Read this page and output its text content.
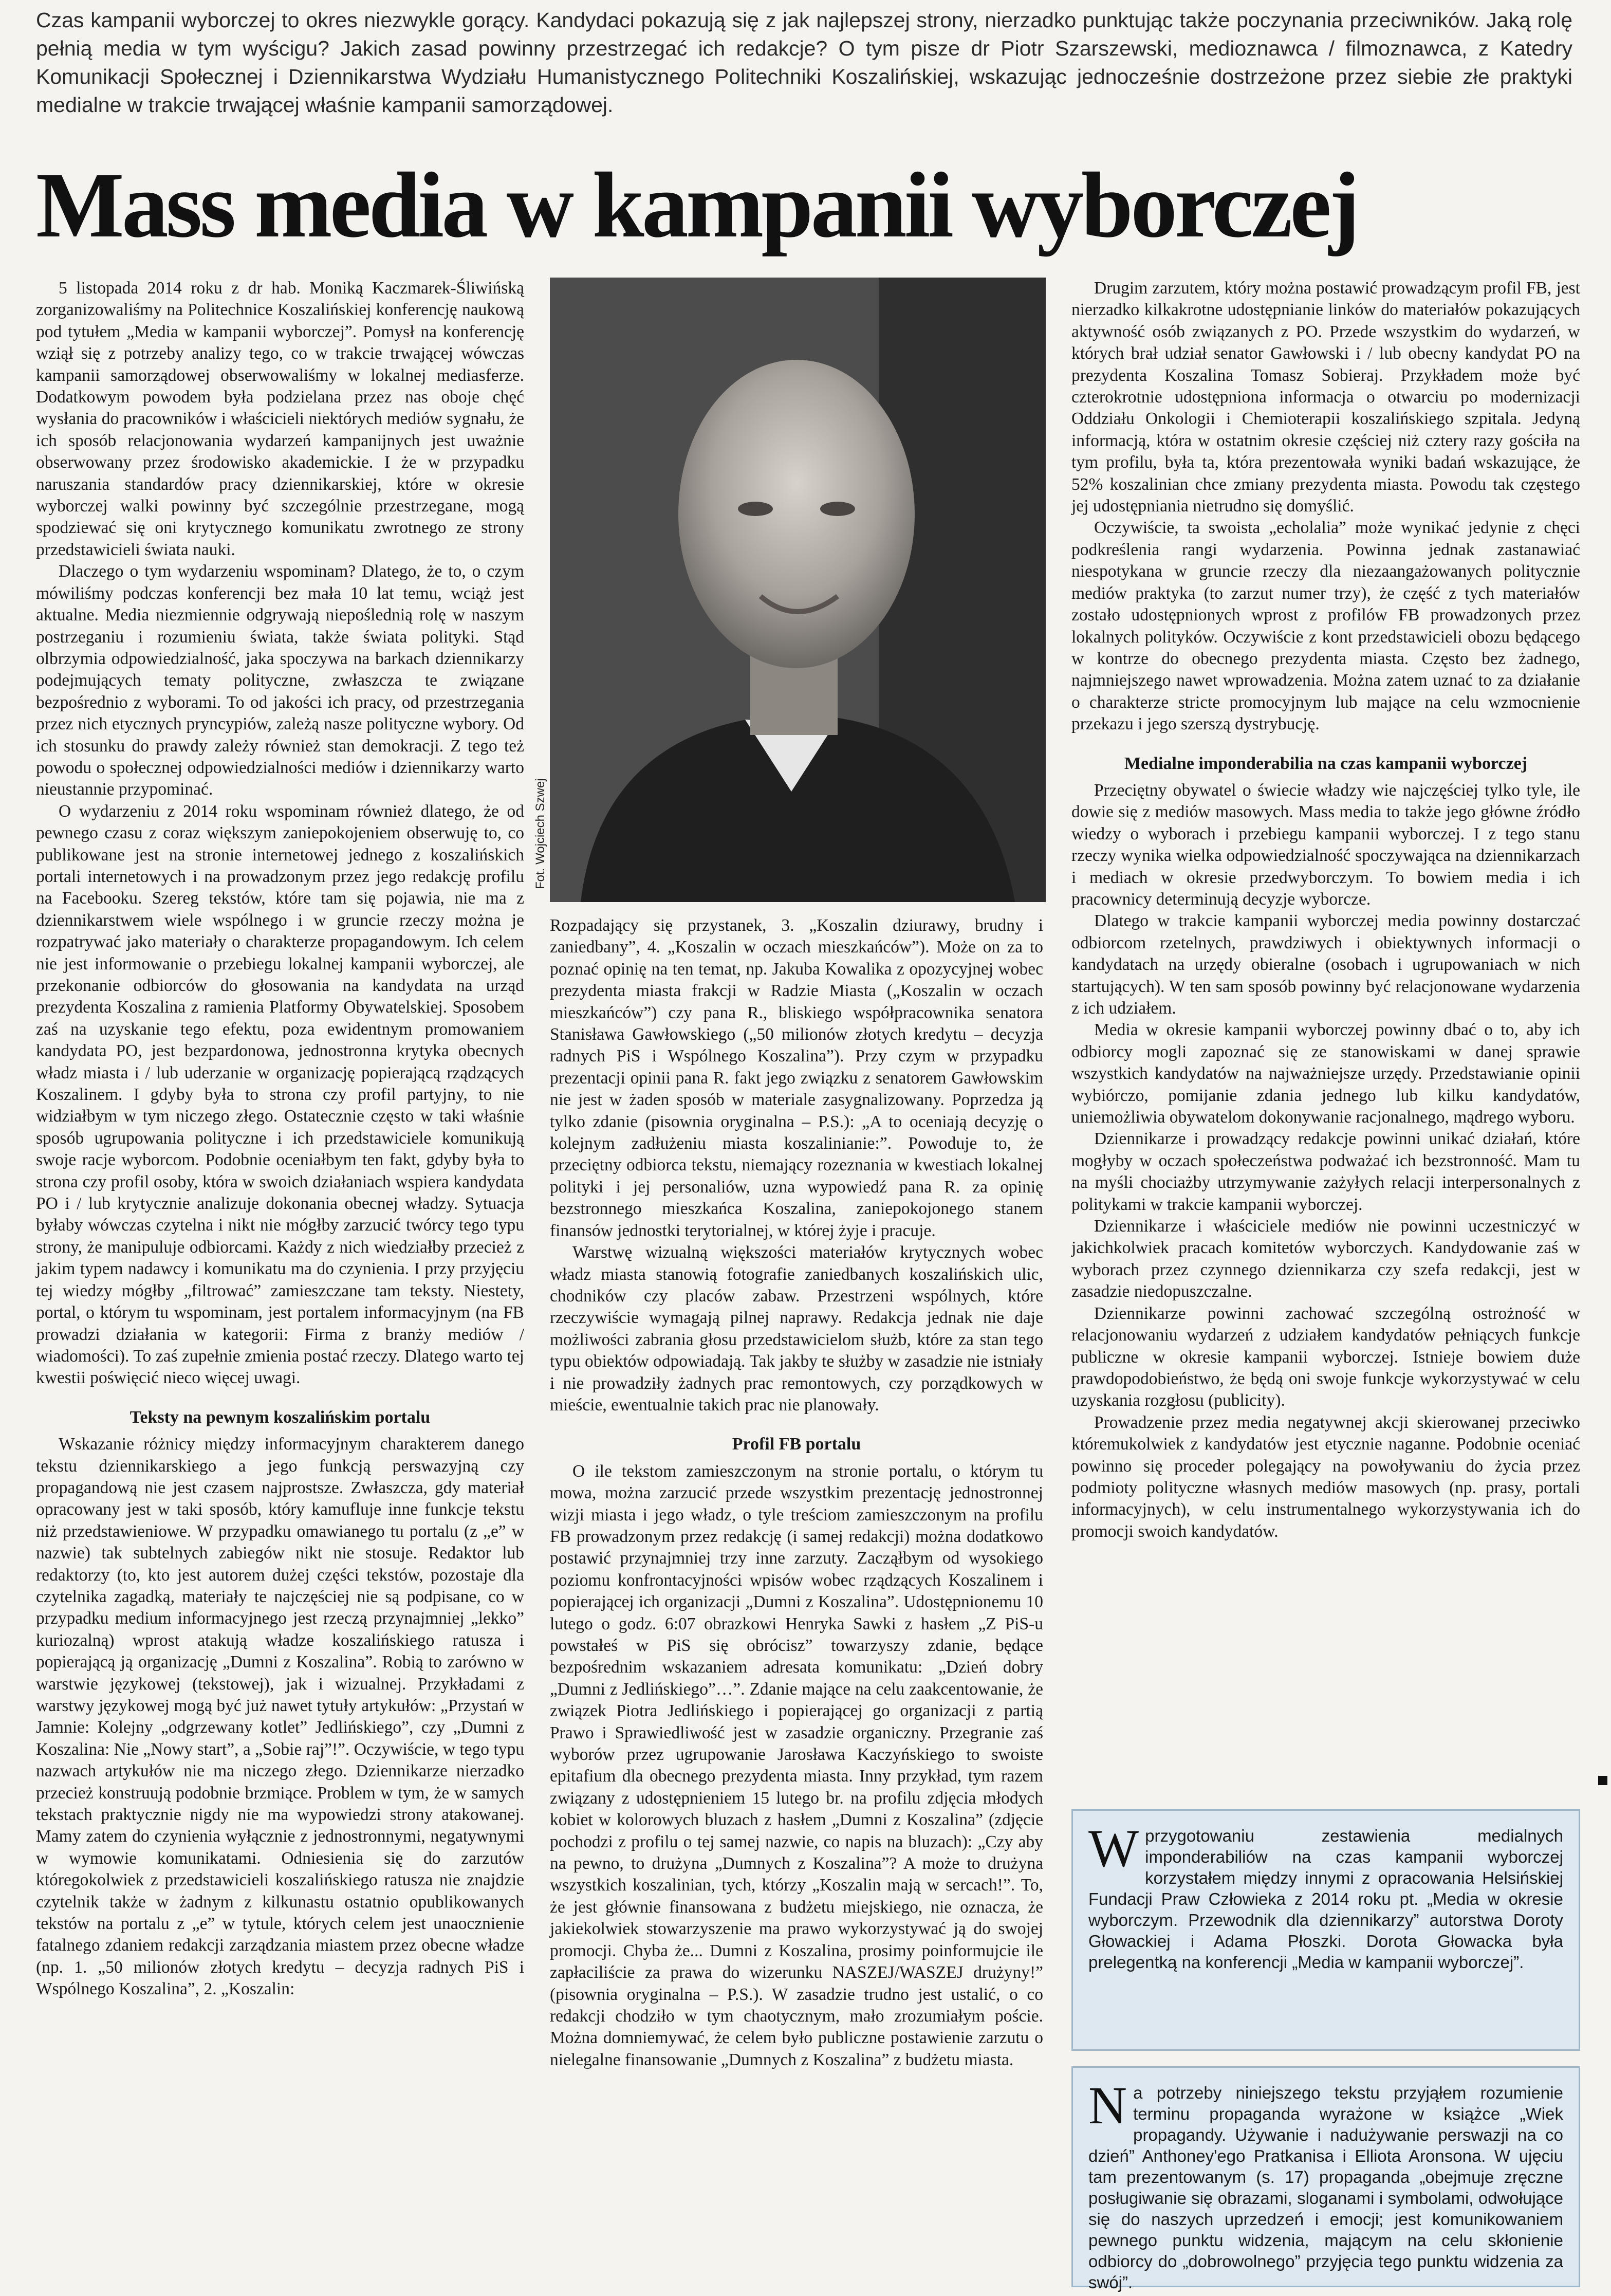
Czas kampanii wyborczej to okres niezwykle gorący. Kandydaci pokazują się z jak najlepszej strony, nierzadko punktując także poczynania przeciwników. Jaką rolę pełnią media w tym wyścigu? Jakich zasad powinny przestrzegać ich redakcje? O tym pisze dr Piotr Szarszewski, medioznawca / filmoznawca, z Katedry Komunikacji Społecznej i Dziennikarstwa Wydziału Humanistycznego Politechniki Koszalińskiej, wskazując jednocześnie dostrzeżone przez siebie złe praktyki medialne w trakcie trwającej właśnie kampanii samorządowej.
Mass media w kampanii wyborczej

5 listopada 2014 roku z dr hab. Moniką Kaczmarek-Śliwińską zorganizowaliśmy na Politechnice Koszalińskiej konferencję naukową pod tytułem „Media w kampanii wyborczej”. Pomysł na konferencję wziął się z potrzeby analizy tego, co w trakcie trwającej wówczas kampanii samorządowej obserwowaliśmy w lokalnej mediasferze. Dodatkowym powodem była podzielana przez nas oboje chęć wysłania do pracowników i właścicieli niektórych mediów sygnału, że ich sposób relacjonowania wydarzeń kampanijnych jest uważnie obserwowany przez środowisko akademickie. I że w przypadku naruszania standardów pracy dziennikarskiej, które w okresie wyborczej walki powinny być szczególnie przestrzegane, mogą spodziewać się oni krytycznego komunikatu zwrotnego ze strony przedstawicieli świata nauki.

Dlaczego o tym wydarzeniu wspominam? Dlatego, że to, o czym mówiliśmy podczas konferencji bez mała 10 lat temu, wciąż jest aktualne. Media niezmiennie odgrywają niepoślednią rolę w naszym postrzeganiu i rozumieniu świata, także świata polityki. Stąd olbrzymia odpowiedzialność, jaka spoczywa na barkach dziennikarzy podejmujących tematy polityczne, zwłaszcza te związane bezpośrednio z wyborami. To od jakości ich pracy, od przestrzegania przez nich etycznych pryncypiów, zależą nasze polityczne wybory. Od ich stosunku do prawdy zależy również stan demokracji. Z tego też powodu o społecznej odpowiedzialności mediów i dziennikarzy warto nieustannie przypominać.

O wydarzeniu z 2014 roku wspominam również dlatego, że od pewnego czasu z coraz większym zaniepokojeniem obserwuję to, co publikowane jest na stronie internetowej jednego z koszalińskich portali internetowych i na prowadzonym przez jego redakcję profilu na Facebooku. Szereg tekstów, które tam się pojawia, nie ma z dziennikarstwem wiele wspólnego i w gruncie rzeczy można je rozpatrywać jako materiały o charakterze propagandowym. Ich celem nie jest informowanie o przebiegu lokalnej kampanii wyborczej, ale przekonanie odbiorców do głosowania na kandydata na urząd prezydenta Koszalina z ramienia Platformy Obywatelskiej. Sposobem zaś na uzyskanie tego efektu, poza ewidentnym promowaniem kandydata PO, jest bezpardonowa, jednostronna krytyka obecnych władz miasta i / lub uderzanie w organizację popierającą rządzących Koszalinem. I gdyby była to strona czy profil partyjny, to nie widziałbym w tym niczego złego. Ostatecznie często w taki właśnie sposób ugrupowania polityczne i ich przedstawiciele komunikują swoje racje wyborcom. Podobnie oceniałbym ten fakt, gdyby była to strona czy profil osoby, która w swoich działaniach wspiera kandydata PO i / lub krytycznie analizuje dokonania obecnej władzy. Sytuacja byłaby wówczas czytelna i nikt nie mógłby zarzucić twórcy tego typu strony, że manipuluje odbiorcami. Każdy z nich wiedziałby przecież z jakim typem nadawcy i komunikatu ma do czynienia. I przy przyjęciu tej wiedzy mógłby „filtrować” zamieszczane tam teksty. Niestety, portal, o którym tu wspominam, jest portalem informacyjnym (na FB prowadzi działania w kategorii: Firma z branży mediów / wiadomości). To zaś zupełnie zmienia postać rzeczy. Dlatego warto tej kwestii poświęcić nieco więcej uwagi.

Teksty na pewnym koszalińskim portalu

Wskazanie różnicy między informacyjnym charakterem danego tekstu dziennikarskiego a jego funkcją perswazyjną czy propagandową nie jest czasem najprostsze. Zwłaszcza, gdy materiał opracowany jest w taki sposób, który kamufluje inne funkcje tekstu niż przedstawieniowe. W przypadku omawianego tu portalu (z „e” w nazwie) tak subtelnych zabiegów nikt nie stosuje. Redaktor lub redaktorzy (to, kto jest autorem dużej części tekstów, pozostaje dla czytelnika zagadką, materiały te najczęściej nie są podpisane, co w przypadku medium informacyjnego jest rzeczą przynajmniej „lekko” kuriozalną) wprost atakują władze koszalińskiego ratusza i popierającą ją organizację „Dumni z Koszalina”. Robią to zarówno w warstwie językowej (tekstowej), jak i wizualnej. Przykładami z warstwy językowej mogą być już nawet tytuły artykułów: „Przystań w Jamnie: Kolejny „odgrzewany kotlet” Jedlińskiego”, czy „Dumni z Koszalina: Nie „Nowy start”, a „Sobie raj”!”. Oczywiście, w tego typu nazwach artykułów nie ma niczego złego. Dziennikarze nierzadko przecież konstruują podobnie brzmiące. Problem w tym, że w samych tekstach praktycznie nigdy nie ma wypowiedzi strony atakowanej. Mamy zatem do czynienia wyłącznie z jednostronnymi, negatywnymi w wymowie komunikatami. Odniesienia się do zarzutów któregokolwiek z przedstawicieli koszalińskiego ratusza nie znajdzie czytelnik także w żadnym z kilkunastu ostatnio opublikowanych tekstów na portalu z „e” w tytule, których celem jest unaocznienie fatalnego zdaniem redakcji zarządzania miastem przez obecne władze (np. 1. „50 milionów złotych kredytu – decyzja radnych PiS i Wspólnego Koszalina”, 2. „Koszalin:

Fot. Wojciech Szwej

Rozpadający się przystanek, 3. „Koszalin dziurawy, brudny i zaniedbany”, 4. „Koszalin w oczach mieszkańców”). Może on za to poznać opinię na ten temat, np. Jakuba Kowalika z opozycyjnej wobec prezydenta miasta frakcji w Radzie Miasta („Koszalin w oczach mieszkańców”) czy pana R., bliskiego współpracownika senatora Stanisława Gawłowskiego („50 milionów złotych kredytu – decyzja radnych PiS i Wspólnego Koszalina”). Przy czym w przypadku prezentacji opinii pana R. fakt jego związku z senatorem Gawłowskim nie jest w żaden sposób w materiale zasygnalizowany. Poprzedza ją tylko zdanie (pisownia oryginalna – P.S.): „A to oceniają decyzję o kolejnym zadłużeniu miasta koszalinianie:”. Powoduje to, że przeciętny odbiorca tekstu, niemający rozeznania w kwestiach lokalnej polityki i jej personaliów, uzna wypowiedź pana R. za opinię bezstronnego mieszkańca Koszalina, zaniepokojonego stanem finansów jednostki terytorialnej, w której żyje i pracuje.

Warstwę wizualną większości materiałów krytycznych wobec władz miasta stanowią fotografie zaniedbanych koszalińskich ulic, chodników czy placów zabaw. Przestrzeni wspólnych, które rzeczywiście wymagają pilnej naprawy. Redakcja jednak nie daje możliwości zabrania głosu przedstawicielom służb, które za stan tego typu obiektów odpowiadają. Tak jakby te służby w zasadzie nie istniały i nie prowadziły żadnych prac remontowych, czy porządkowych w mieście, ewentualnie takich prac nie planowały.

Profil FB portalu

O ile tekstom zamieszczonym na stronie portalu, o którym tu mowa, można zarzucić przede wszystkim prezentację jednostronnej wizji miasta i jego władz, o tyle treściom zamieszczonym na profilu FB prowadzonym przez redakcję (i samej redakcji) można dodatkowo postawić przynajmniej trzy inne zarzuty. Zacząłbym od wysokiego poziomu konfrontacyjności wpisów wobec rządzących Koszalinem i popierającej ich organizacji „Dumni z Koszalina”. Udostępnionemu 10 lutego o godz. 6:07 obrazkowi Henryka Sawki z hasłem „Z PiS-u powstałeś w PiS się obrócisz” towarzyszy zdanie, będące bezpośrednim wskazaniem adresata komunikatu: „Dzień dobry „Dumni z Jedlińskiego”…”. Zdanie mające na celu zaakcentowanie, że związek Piotra Jedlińskiego i popierającej go organizacji z partią Prawo i Sprawiedliwość jest w zasadzie organiczny. Przegranie zaś wyborów przez ugrupowanie Jarosława Kaczyńskiego to swoiste epitafium dla obecnego prezydenta miasta. Inny przykład, tym razem związany z udostępnieniem 15 lutego br. na profilu zdjęcia młodych kobiet w kolorowych bluzach z hasłem „Dumni z Koszalina” (zdjęcie pochodzi z profilu o tej samej nazwie, co napis na bluzach): „Czy aby na pewno, to drużyna „Dumnych z Koszalina”? A może to drużyna wszystkich koszalinian, tych, którzy „Koszalin mają w sercach!”. To, że jest głównie finansowana z budżetu miejskiego, nie oznacza, że jakiekolwiek stowarzyszenie ma prawo wykorzystywać ją do swojej promocji. Chyba że... Dumni z Koszalina, prosimy poinformujcie ile zapłaciliście za prawa do wizerunku NASZEJ/WASZEJ drużyny!” (pisownia oryginalna – P.S.). W zasadzie trudno jest ustalić, o co redakcji chodziło w tym chaotycznym, mało zrozumiałym poście. Można domniemywać, że celem było publiczne postawienie zarzutu o nielegalne finansowanie „Dumnych z Koszalina” z budżetu miasta.

Drugim zarzutem, który można postawić prowadzącym profil FB, jest nierzadko kilkakrotne udostępnianie linków do materiałów pokazujących aktywność osób związanych z PO. Przede wszystkim do wydarzeń, w których brał udział senator Gawłowski i / lub obecny kandydat PO na prezydenta Koszalina Tomasz Sobieraj. Przykładem może być czterokrotnie udostępniona informacja o otwarciu po modernizacji Oddziału Onkologii i Chemioterapii koszalińskiego szpitala. Jedyną informacją, która w ostatnim okresie częściej niż cztery razy gościła na tym profilu, była ta, która prezentowała wyniki badań wskazujące, że 52% koszalinian chce zmiany prezydenta miasta. Powodu tak częstego jej udostępniania nietrudno się domyślić.

Oczywiście, ta swoista „echolalia” może wynikać jedynie z chęci podkreślenia rangi wydarzenia. Powinna jednak zastanawiać niespotykana w gruncie rzeczy dla niezaangażowanych politycznie mediów praktyka (to zarzut numer trzy), że część z tych materiałów zostało udostępnionych wprost z profilów FB prowadzonych przez lokalnych polityków. Oczywiście z kont przedstawicieli obozu będącego w kontrze do obecnego prezydenta miasta. Często bez żadnego, najmniejszego nawet wprowadzenia. Można zatem uznać to za działanie o charakterze stricte promocyjnym lub mające na celu wzmocnienie przekazu i jego szerszą dystrybucję.

Medialne imponderabilia na czas kampanii wyborczej

Przeciętny obywatel o świecie władzy wie najczęściej tylko tyle, ile dowie się z mediów masowych. Mass media to także jego główne źródło wiedzy o wyborach i przebiegu kampanii wyborczej. I z tego stanu rzeczy wynika wielka odpowiedzialność spoczywająca na dziennikarzach i mediach w okresie przedwyborczym. To bowiem media i ich pracownicy determinują decyzje wyborcze.

Dlatego w trakcie kampanii wyborczej media powinny dostarczać odbiorcom rzetelnych, prawdziwych i obiektywnych informacji o kandydatach na urzędy obieralne (osobach i ugrupowaniach w nich startujących). W ten sam sposób powinny być relacjonowane wydarzenia z ich udziałem.

Media w okresie kampanii wyborczej powinny dbać o to, aby ich odbiorcy mogli zapoznać się ze stanowiskami w danej sprawie wszystkich kandydatów na najważniejsze urzędy. Przedstawianie opinii wybiórczo, pomijanie zdania jednego lub kilku kandydatów, uniemożliwia obywatelom dokonywanie racjonalnego, mądrego wyboru.

Dziennikarze i prowadzący redakcje powinni unikać działań, które mogłyby w oczach społeczeństwa podważać ich bezstronność. Mam tu na myśli chociażby utrzymywanie zażyłych relacji interpersonalnych z politykami w trakcie kampanii wyborczej.

Dziennikarze i właściciele mediów nie powinni uczestniczyć w jakichkolwiek pracach komitetów wyborczych. Kandydowanie zaś w wyborach przez czynnego dziennikarza czy szefa redakcji, jest w zasadzie niedopuszczalne.

Dziennikarze powinni zachować szczególną ostrożność w relacjonowaniu wydarzeń z udziałem kandydatów pełniących funkcje publiczne w okresie kampanii wyborczej. Istnieje bowiem duże prawdopodobieństwo, że będą oni swoje funkcje wykorzystywać w celu uzyskania rozgłosu (publicity).

Prowadzenie przez media negatywnej akcji skierowanej przeciwko któremukolwiek z kandydatów jest etycznie naganne. Podobnie oceniać powinno się proceder polegający na powoływaniu do życia przez podmioty polityczne własnych mediów masowych (np. prasy, portali informacyjnych), w celu instrumentalnego wykorzystywania ich do promocji swoich kandydatów.

W przygotowaniu zestawienia medialnych imponderabiliów na czas kampanii wyborczej korzystałem między innymi z opracowania Helsińskiej Fundacji Praw Człowieka z 2014 roku pt. „Media w okresie wyborczym. Przewodnik dla dziennikarzy” autorstwa Doroty Głowackiej i Adama Płoszki. Dorota Głowacka była prelegentką na konferencji „Media w kampanii wyborczej”.
N a potrzeby niniejszego tekstu przyjąłem rozumienie terminu propaganda wyrażone w książce „Wiek propagandy. Używanie i nadużywanie perswazji na co dzień” Anthoney'ego Pratkanisa i Elliota Aronsona. W ujęciu tam prezentowanym (s. 17) propaganda „obejmuje zręczne posługiwanie się obrazami, sloganami i symbolami, odwołujące się do naszych uprzedzeń i emocji; jest komunikowaniem pewnego punktu widzenia, mającym na celu skłonienie odbiorcy do „dobrowolnego” przyjęcia tego punktu widzenia za swój”.
